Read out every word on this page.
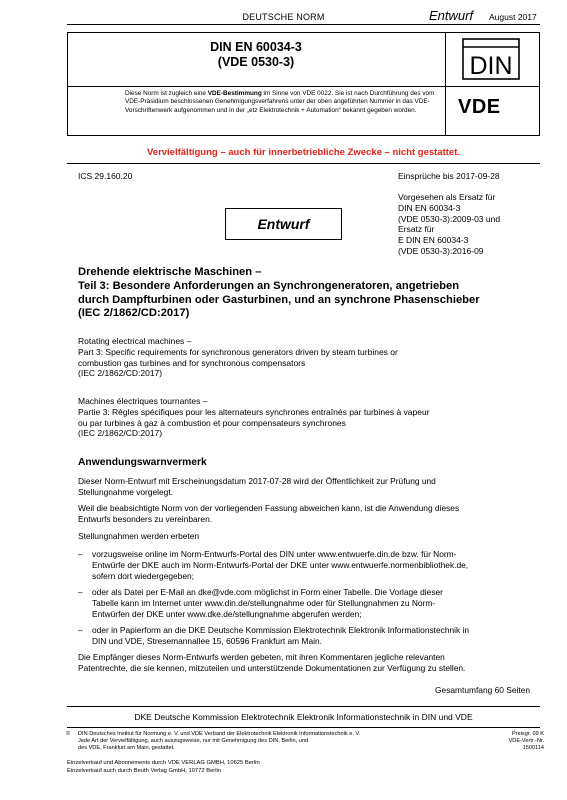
DEUTSCHE NORM	Entwurf August 2017
DIN EN 60034-3
(VDE 0530-3)
Diese Norm ist zugleich eine VDE-Bestimmung im Sinne von VDE 0022. Sie ist nach Durchführung des vom VDE-Präsidium beschlossenen Genehmigungsverfahrens unter der oben angeführten Nummer in das VDE-Vorschriftenwerk aufgenommen und in der „etz Elektrotechnik + Automation“ bekannt gegeben worden.
DIN
VDE
Vervielfältigung – auch für innerbetriebliche Zwecke – nicht gestattet.
ICS 29.160.20	Einsprüche bis 2017-09-28
Vorgesehen als Ersatz für
DIN EN 60034-3
(VDE 0530-3):2009-03 und
Ersatz für
E DIN EN 60034-3
(VDE 0530-3):2016-09
Entwurf
Drehende elektrische Maschinen –
Teil 3: Besondere Anforderungen an Synchrongeneratoren, angetrieben
durch Dampfturbinen oder Gasturbinen, und an synchrone Phasenschieber
(IEC 2/1862/CD:2017)
Rotating electrical machines –
Part 3: Specific requirements for synchronous generators driven by steam turbines or
combustion gas turbines and for synchronous compensators
(IEC 2/1862/CD:2017)
Machines électriques tournantes –
Partie 3: Règles spécifiques pour les alternateurs synchrones entraînés par turbines à vapeur
ou par turbines à gaz à combustion et pour compensateurs synchrones
(IEC 2/1862/CD:2017)
Anwendungswarnvermerk
Dieser Norm-Entwurf mit Erscheinungsdatum 2017-07-28 wird der Öffentlichkeit zur Prüfung und
Stellungnahme vorgelegt.
Weil die beabsichtigte Norm von der vorliegenden Fassung abweichen kann, ist die Anwendung dieses
Entwurfs besonders zu vereinbaren.
Stellungnahmen werden erbeten
– vorzugsweise online im Norm-Entwurfs-Portal des DIN unter www.entwuerfe.din.de bzw. für Norm-
Entwürfe der DKE auch im Norm-Entwurfs-Portal der DKE unter www.entwuerfe.normenbibliothek.de,
sofern dort wiedergegeben;
– oder als Datei per E-Mail an dke@vde.com möglichst in Form einer Tabelle. Die Vorlage dieser
Tabelle kann im Internet unter www.din.de/stellungnahme oder für Stellungnahmen zu Norm-
Entwürfen der DKE unter www.dke.de/stellungnahme abgerufen werden;
– oder in Papierform an die DKE Deutsche Kommission Elektrotechnik Elektronik Informationstechnik in
DIN und VDE, Stresemannallee 15, 60596 Frankfurt am Main.
Die Empfänger dieses Norm-Entwurfs werden gebeten, mit ihren Kommentaren jegliche relevanten
Patentrechte, die sie kennen, mitzuteilen und unterstützende Dokumentationen zur Verfügung zu stellen.
Gesamtumfang 60 Seiten
DKE Deutsche Kommission Elektrotechnik Elektronik Informationstechnik in DIN und VDE
© DIN Deutsches Institut für Normung e. V. und VDE Verband der Elektrotechnik Elektronik Informationstechnik e. V.
Jede Art der Vervielfältigung, auch auszugsweise, nur mit Genehmigung des DIN, Berlin, und
des VDE, Frankfurt am Main, gestattet.
Preisgr. 09 K
VDE-Vertr.-Nr. 1500114
Einzelverkauf und Abonnements durch VDE VERLAG GMBH, 10625 Berlin
Einzelverkauf auch durch Beuth Verlag GmbH, 10772 Berlin
